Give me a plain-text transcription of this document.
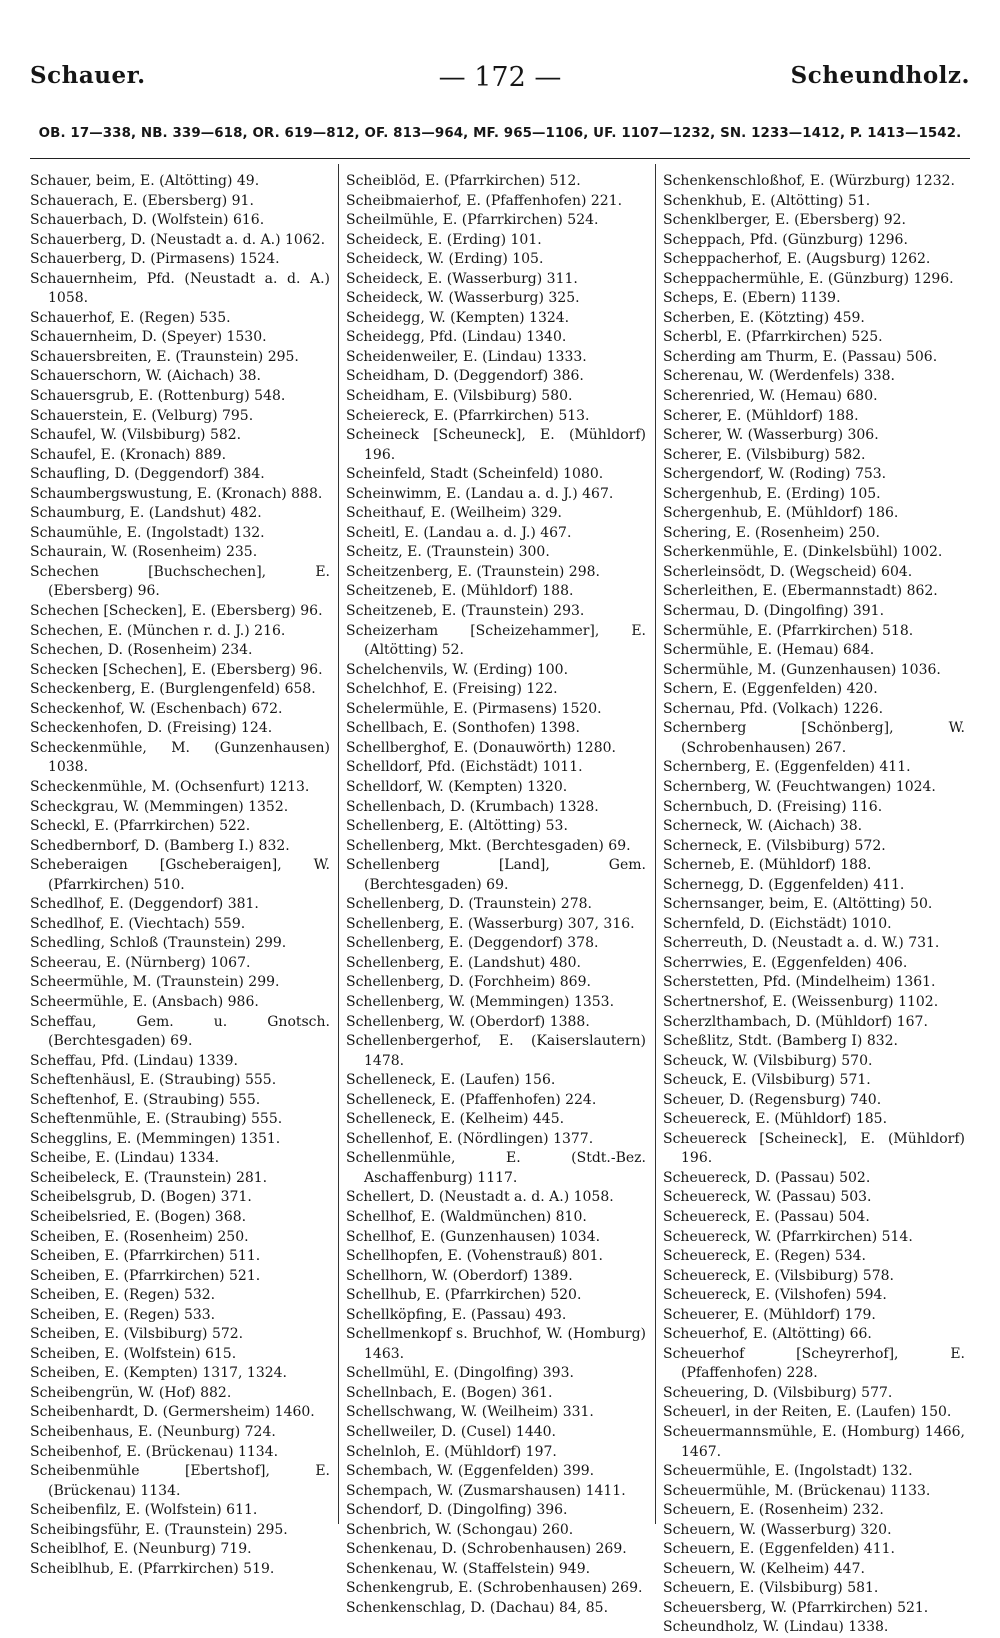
Schauer.	— 172 —	Scheundholz.
OB. 17—338, NB. 339—618, OR. 619—812, OF. 813—964, MF. 965—1106, UF. 1107—1232, SN. 1233—1412, P. 1413—1542.
Schauer, beim, E. (Altötting) 49.
Schauerach, E. (Ebersberg) 91.
Schauerbach, D. (Wolfstein) 616.
Schauerberg, D. (Neustadt a. d. A.) 1062.
Schauerberg, D. (Pirmasens) 1524.
Schauernheim, Pfd. (Neustadt a. d. A.) 1058.
Schauerhof, E. (Regen) 535.
Schauernheim, D. (Speyer) 1530.
Schauersbreiten, E. (Traunstein) 295.
Schauerschorn, W. (Aichach) 38.
Schauersgrub, E. (Rottenburg) 548.
Schauerstein, E. (Velburg) 795.
Schaufel, W. (Vilsbiburg) 582.
Schaufel, E. (Kronach) 889.
Schaufling, D. (Deggendorf) 384.
Schaumbergswustung, E. (Kronach) 888.
Schaumburg, E. (Landshut) 482.
Schaumühle, E. (Ingolstadt) 132.
Schaurain, W. (Rosenheim) 235.
Schechen [Buchschechen], E. (Ebersberg) 96.
Schechen [Schecken], E. (Ebersberg) 96.
Schechen, E. (München r. d. J.) 216.
Schechen, D. (Rosenheim) 234.
Schecken [Schechen], E. (Ebersberg) 96.
Scheckenberg, E. (Burglengenfeld) 658.
Scheckenhof, W. (Eschenbach) 672.
Scheckenhofen, D. (Freising) 124.
Scheckenmühle, M. (Gunzenhausen) 1038.
Scheckenmühle, M. (Ochsenfurt) 1213.
Scheckgrau, W. (Memmingen) 1352.
Scheckl, E. (Pfarrkirchen) 522.
Schedbernborf, D. (Bamberg I.) 832.
Scheberaigen [Gscheberaigen], W. (Pfarrkirchen) 510.
Schedlhof, E. (Deggendorf) 381.
Schedlhof, E. (Viechtach) 559.
Schedling, Schloß (Traunstein) 299.
Scheerau, E. (Nürnberg) 1067.
Scheermühle, M. (Traunstein) 299.
Scheermühle, E. (Ansbach) 986.
Scheffau, Gem. u. Gnotsch. (Berchtesgaden) 69.
Scheffau, Pfd. (Lindau) 1339.
Scheftenhäusl, E. (Straubing) 555.
Scheftenhof, E. (Straubing) 555.
Scheftenmühle, E. (Straubing) 555.
Schegglins, E. (Memmingen) 1351.
Scheibe, E. (Lindau) 1334.
Scheibeleck, E. (Traunstein) 281.
Scheibelsgrub, D. (Bogen) 371.
Scheibelsried, E. (Bogen) 368.
Scheiben, E. (Rosenheim) 250.
Scheiben, E. (Pfarrkirchen) 511.
Scheiben, E. (Pfarrkirchen) 521.
Scheiben, E. (Regen) 532.
Scheiben, E. (Regen) 533.
Scheiben, E. (Vilsbiburg) 572.
Scheiben, E. (Wolfstein) 615.
Scheiben, E. (Kempten) 1317, 1324.
Scheibengrün, W. (Hof) 882.
Scheibenhardt, D. (Germersheim) 1460.
Scheibenhaus, E. (Neunburg) 724.
Scheibenhof, E. (Brückenau) 1134.
Scheibenmühle [Ebertshof], E. (Brückenau) 1134.
Scheibenfilz, E. (Wolfstein) 611.
Scheibingsführ, E. (Traunstein) 295.
Scheiblhof, E. (Neunburg) 719.
Scheiblhub, E. (Pfarrkirchen) 519.
Scheiblöd, E. (Pfarrkirchen) 512.
Scheibmaierhof, E. (Pfaffenhofen) 221.
Scheilmühle, E. (Pfarrkirchen) 524.
Scheideck, E. (Erding) 101.
Scheideck, W. (Erding) 105.
Scheideck, E. (Wasserburg) 311.
Scheideck, W. (Wasserburg) 325.
Scheidegg, W. (Kempten) 1324.
Scheidegg, Pfd. (Lindau) 1340.
Scheidenweiler, E. (Lindau) 1333.
Scheidham, D. (Deggendorf) 386.
Scheidham, E. (Vilsbiburg) 580.
Scheiereck, E. (Pfarrkirchen) 513.
Scheineck [Scheuneck], E. (Mühldorf) 196.
Scheinfeld, Stadt (Scheinfeld) 1080.
Scheinwimm, E. (Landau a. d. J.) 467.
Scheithauf, E. (Weilheim) 329.
Scheitl, E. (Landau a. d. J.) 467.
Scheitz, E. (Traunstein) 300.
Scheitzenberg, E. (Traunstein) 298.
Scheitzeneb, E. (Mühldorf) 188.
Scheitzeneb, E. (Traunstein) 293.
Scheizerham [Scheizehammer], E. (Altötting) 52.
Schelchenvils, W. (Erding) 100.
Schelchhof, E. (Freising) 122.
Schelermühle, E. (Pirmasens) 1520.
Schellbach, E. (Sonthofen) 1398.
Schellberghof, E. (Donauwörth) 1280.
Schelldorf, Pfd. (Eichstädt) 1011.
Schelldorf, W. (Kempten) 1320.
Schellenbach, D. (Krumbach) 1328.
Schellenberg, E. (Altötting) 53.
Schellenberg, Mkt. (Berchtesgaden) 69.
Schellenberg [Land], Gem. (Berchtesgaden) 69.
Schellenberg, D. (Traunstein) 278.
Schellenberg, E. (Wasserburg) 307, 316.
Schellenberg, E. (Deggendorf) 378.
Schellenberg, E. (Landshut) 480.
Schellenberg, D. (Forchheim) 869.
Schellenberg, W. (Memmingen) 1353.
Schellenberg, W. (Oberdorf) 1388.
Schellenbergerhof, E. (Kaiserslautern) 1478.
Schelleneck, E. (Laufen) 156.
Schelleneck, E. (Pfaffenhofen) 224.
Schelleneck, E. (Kelheim) 445.
Schellenhof, E. (Nördlingen) 1377.
Schellenmühle, E. (Stdt.-Bez. Aschaffenburg) 1117.
Schellert, D. (Neustadt a. d. A.) 1058.
Schellhof, E. (Waldmünchen) 810.
Schellhof, E. (Gunzenhausen) 1034.
Schellhopfen, E. (Vohenstrauß) 801.
Schellhorn, W. (Oberdorf) 1389.
Schellhub, E. (Pfarrkirchen) 520.
Schellköpfing, E. (Passau) 493.
Schellmenkopf s. Bruchhof, W. (Homburg) 1463.
Schellmühl, E. (Dingolfing) 393.
Schellnbach, E. (Bogen) 361.
Schellschwang, W. (Weilheim) 331.
Schellweiler, D. (Cusel) 1440.
Schelnloh, E. (Mühldorf) 197.
Schembach, W. (Eggenfelden) 399.
Schempach, W. (Zusmarshausen) 1411.
Schendorf, D. (Dingolfing) 396.
Schenbrich, W. (Schongau) 260.
Schenkenau, D. (Schrobenhausen) 269.
Schenkenau, W. (Staffelstein) 949.
Schenkengrub, E. (Schrobenhausen) 269.
Schenkenschlag, D. (Dachau) 84, 85.
Schenkenschloßhof, E. (Würzburg) 1232.
Schenkhub, E. (Altötting) 51.
Schenklberger, E. (Ebersberg) 92.
Scheppach, Pfd. (Günzburg) 1296.
Scheppacherhof, E. (Augsburg) 1262.
Scheppachermühle, E. (Günzburg) 1296.
Scheps, E. (Ebern) 1139.
Scherben, E. (Kötzting) 459.
Scherbl, E. (Pfarrkirchen) 525.
Scherding am Thurm, E. (Passau) 506.
Scherenau, W. (Werdenfels) 338.
Scherenried, W. (Hemau) 680.
Scherer, E. (Mühldorf) 188.
Scherer, W. (Wasserburg) 306.
Scherer, E. (Vilsbiburg) 582.
Schergendorf, W. (Roding) 753.
Schergenhub, E. (Erding) 105.
Schergenhub, E. (Mühldorf) 186.
Schering, E. (Rosenheim) 250.
Scherkenmühle, E. (Dinkelsbühl) 1002.
Scherleinsödt, D. (Wegscheid) 604.
Scherleithen, E. (Ebermannstadt) 862.
Schermau, D. (Dingolfing) 391.
Schermühle, E. (Pfarrkirchen) 518.
Schermühle, E. (Hemau) 684.
Schermühle, M. (Gunzenhausen) 1036.
Schern, E. (Eggenfelden) 420.
Schernau, Pfd. (Volkach) 1226.
Schernberg [Schönberg], W. (Schrobenhausen) 267.
Schernberg, E. (Eggenfelden) 411.
Schernberg, W. (Feuchtwangen) 1024.
Schernbuch, D. (Freising) 116.
Scherneck, W. (Aichach) 38.
Scherneck, E. (Vilsbiburg) 572.
Scherneb, E. (Mühldorf) 188.
Schernegg, D. (Eggenfelden) 411.
Schernsanger, beim, E. (Altötting) 50.
Schernfeld, D. (Eichstädt) 1010.
Scherreuth, D. (Neustadt a. d. W.) 731.
Scherrwies, E. (Eggenfelden) 406.
Scherstetten, Pfd. (Mindelheim) 1361.
Schertnershof, E. (Weissenburg) 1102.
Scherzlthambach, D. (Mühldorf) 167.
Scheßlitz, Stdt. (Bamberg I) 832.
Scheuck, W. (Vilsbiburg) 570.
Scheuck, E. (Vilsbiburg) 571.
Scheuer, D. (Regensburg) 740.
Scheuereck, E. (Mühldorf) 185.
Scheuereck [Scheineck], E. (Mühldorf) 196.
Scheuereck, D. (Passau) 502.
Scheuereck, W. (Passau) 503.
Scheuereck, E. (Passau) 504.
Scheuereck, W. (Pfarrkirchen) 514.
Scheuereck, E. (Regen) 534.
Scheuereck, E. (Vilsbiburg) 578.
Scheuereck, E. (Vilshofen) 594.
Scheuerer, E. (Mühldorf) 179.
Scheuerhof, E. (Altötting) 66.
Scheuerhof [Scheyrerhof], E. (Pfaffenhofen) 228.
Scheuering, D. (Vilsbiburg) 577.
Scheuerl, in der Reiten, E. (Laufen) 150.
Scheuermannsmühle, E. (Homburg) 1466, 1467.
Scheuermühle, E. (Ingolstadt) 132.
Scheuermühle, M. (Brückenau) 1133.
Scheuern, E. (Rosenheim) 232.
Scheuern, W. (Wasserburg) 320.
Scheuern, E. (Eggenfelden) 411.
Scheuern, W. (Kelheim) 447.
Scheuern, E. (Vilsbiburg) 581.
Scheuersberg, W. (Pfarrkirchen) 521.
Scheundholz, W. (Lindau) 1338.
